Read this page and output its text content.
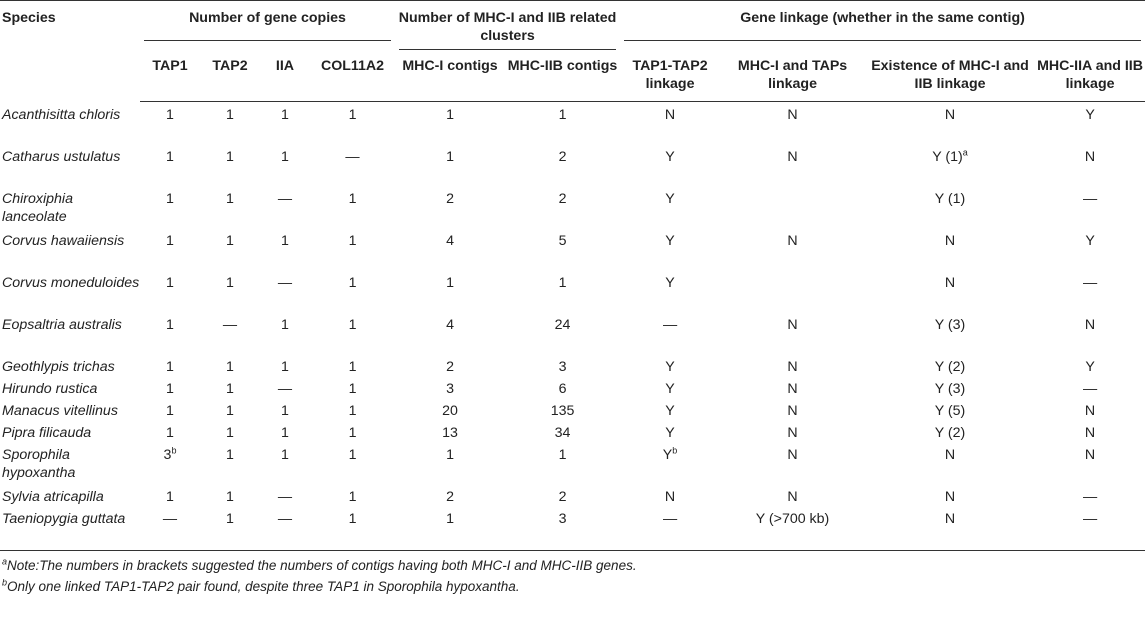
Species	Number of gene copies				Number of MHC-I and IIB related clusters		Gene linkage (whether in the same contig)			

	TAP1	TAP2	IIA	COL11A2	MHC-I contigs	MHC-IIB contigs	TAP1-TAP2 linkage	MHC-I and TAPs linkage	Existence of MHC-I and IIB linkage	MHC-IIA and IIB linkage
Acanthisitta chloris	1	1	1	1	1	1	N	N	N	Y
Catharus ustulatus	1	1	1	—	1	2	Y	N	Y $(1)^a$	N
Chiroxiphia lanceolate	1	1	—	1	2	2	Y		Y (1)	—
Corvus hawaiiensis	1	1	1	1	4	5	Y	N	N	Y
Corvus moneduloides	1	1	—	1	1	1	Y		N	—
Eopsaltria australis	1	—	1	1	4	24	—	N	Y (3)	N
Geothlypis trichas	1	1	1	1	2	3	Y	N	Y (2)	Y
Hirundo rustica	1	1	—	1	3	6	Y	N	Y (3)	—
Manacus vitellinus	1	1	1	1	20	135	Y	N	Y (5)	N
Pipra filicauda	1	1	1	1	13	34	Y	N	Y (2)	N
Sporophila hypoxantha	3$^b$	1	1	1	1	1	$Y^b$	N	N	N
Sylvia atricapilla	1	1	—	1	2	2	N	N	N	—
Taeniopygia guttata	—	1	—	1	1	3	—	Y (>700 kb)	N	—
$^a$Note:The numbers in brackets suggested the numbers of contigs having both MHC-I and MHC-IIB genes.
$^b$Only one linked TAP1-TAP2 pair found, despite three TAP1 in Sporophila hypoxantha.
